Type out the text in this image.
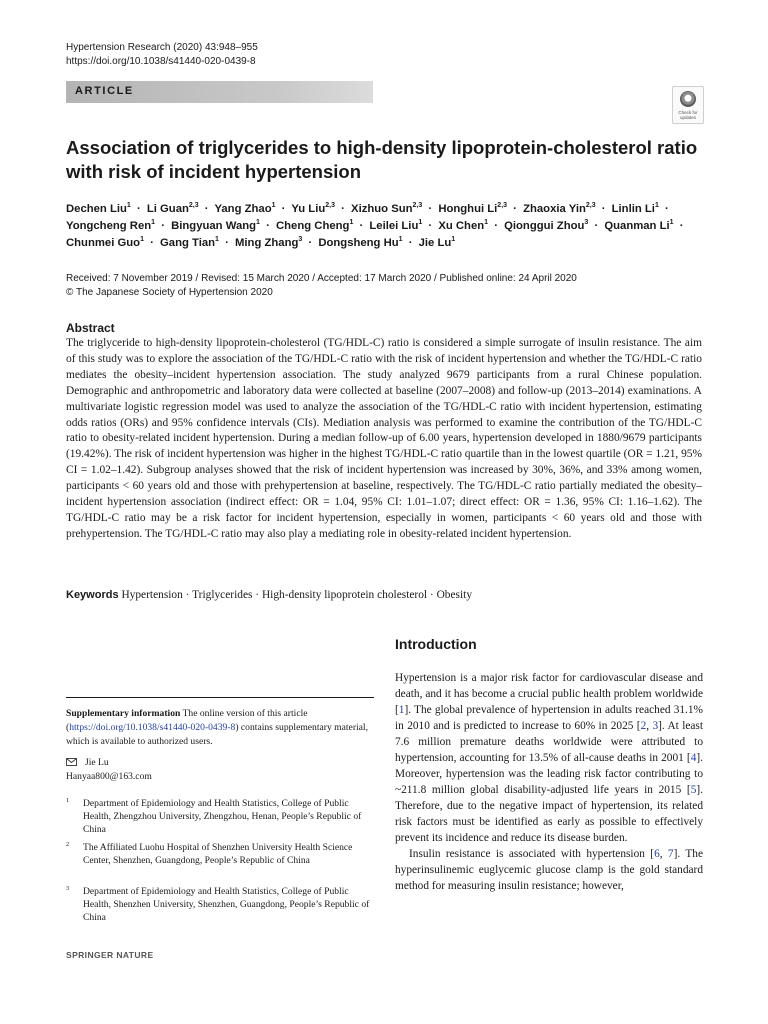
Hypertension Research (2020) 43:948–955
https://doi.org/10.1038/s41440-020-0439-8
ARTICLE
Check for updates
Association of triglycerides to high-density lipoprotein-cholesterol ratio with risk of incident hypertension
Dechen Liu$^1$ · Li Guan$^{2,3}$ · Yang Zhao$^1$ · Yu Liu$^{2,3}$ · Xizhuo Sun$^{2,3}$ · Honghui Li$^{2,3}$ · Zhaoxia Yin$^{2,3}$ · Linlin $Li^1$ · Yongcheng Ren$^1$ · Bingyuan Wang$^1$ · Cheng Cheng$^1$ · Leilei Liu$^1$ · Xu Chen$^1$ · Qionggui Zhou$^3$ · Quanman $Li^1$ · Chunmei Guo$^1$ · Gang Tian$^1$ · Ming Zhang$^3$ · Dongsheng $Hu^1$ · Jie Lu$^1$
Received: 7 November 2019 / Revised: 15 March 2020 / Accepted: 17 March 2020 / Published online: 24 April 2020
© The Japanese Society of Hypertension 2020
Abstract
The triglyceride to high-density lipoprotein-cholesterol (TG/HDL-C) ratio is considered a simple surrogate of insulin resistance. The aim of this study was to explore the association of the TG/HDL-C ratio with the risk of incident hypertension and whether the TG/HDL-C ratio mediates the obesity–incident hypertension association. The study analyzed 9679 participants from a rural Chinese population. Demographic and anthropometric and laboratory data were collected at baseline (2007–2008) and follow-up (2013–2014) examinations. A multivariate logistic regression model was used to analyze the association of the TG/HDL-C ratio with incident hypertension, estimating odds ratios (ORs) and 95% confidence intervals (CIs). Mediation analysis was performed to examine the contribution of the TG/HDL-C ratio to obesity-related incident hypertension. During a median follow-up of 6.00 years, hypertension developed in 1880/9679 participants (19.42%). The risk of incident hypertension was higher in the highest TG/HDL-C ratio quartile than in the lowest quartile (OR = 1.21, 95% CI = 1.02–1.42). Subgroup analyses showed that the risk of incident hypertension was increased by 30%, 36%, and 33% among women, participants < 60 years old and those with prehypertension at baseline, respectively. The TG/HDL-C ratio partially mediated the obesity–incident hypertension association (indirect effect: OR = 1.04, 95% CI: 1.01–1.07; direct effect: OR = 1.36, 95% CI: 1.16–1.62). The TG/HDL-C ratio may be a risk factor for incident hypertension, especially in women, participants < 60 years old and those with prehypertension. The TG/HDL-C ratio may also play a mediating role in obesity-related incident hypertension.
Keywords Hypertension · Triglycerides · High-density lipoprotein cholesterol · Obesity
Introduction

Hypertension is a major risk factor for cardiovascular disease and death, and it has become a crucial public health problem worldwide [1]. The global prevalence of hypertension in adults reached 31.1% in 2010 and is predicted to increase to 60% in 2025 [2, 3]. At least 7.6 million premature deaths worldwide were attributed to hypertension, accounting for 13.5% of all-cause deaths in 2001 [4]. Moreover, hypertension was the leading risk factor contributing to ~211.8 million global disability-adjusted life years in 2015 [5]. Therefore, due to the negative impact of hypertension, its related risk factors must be identified as early as possible to effectively prevent its incidence and reduce its disease burden.

Insulin resistance is associated with hypertension [6, 7]. The hyperinsulinemic euglycemic glucose clamp is the gold standard method for measuring insulin resistance; however,

Supplementary information The online version of this article (https://doi.org/10.1038/s41440-020-0439-8) contains supplementary material, which is available to authorized users.
Jie Lu
Hanyaa800@163.com
1 Department of Epidemiology and Health Statistics, College of Public Health, Zhengzhou University, Zhengzhou, Henan, People’s Republic of China
2 The Affiliated Luohu Hospital of Shenzhen University Health Science Center, Shenzhen, Guangdong, People’s Republic of China
3 Department of Epidemiology and Health Statistics, College of Public Health, Shenzhen University, Shenzhen, Guangdong, People’s Republic of China
SPRINGER NATURE
